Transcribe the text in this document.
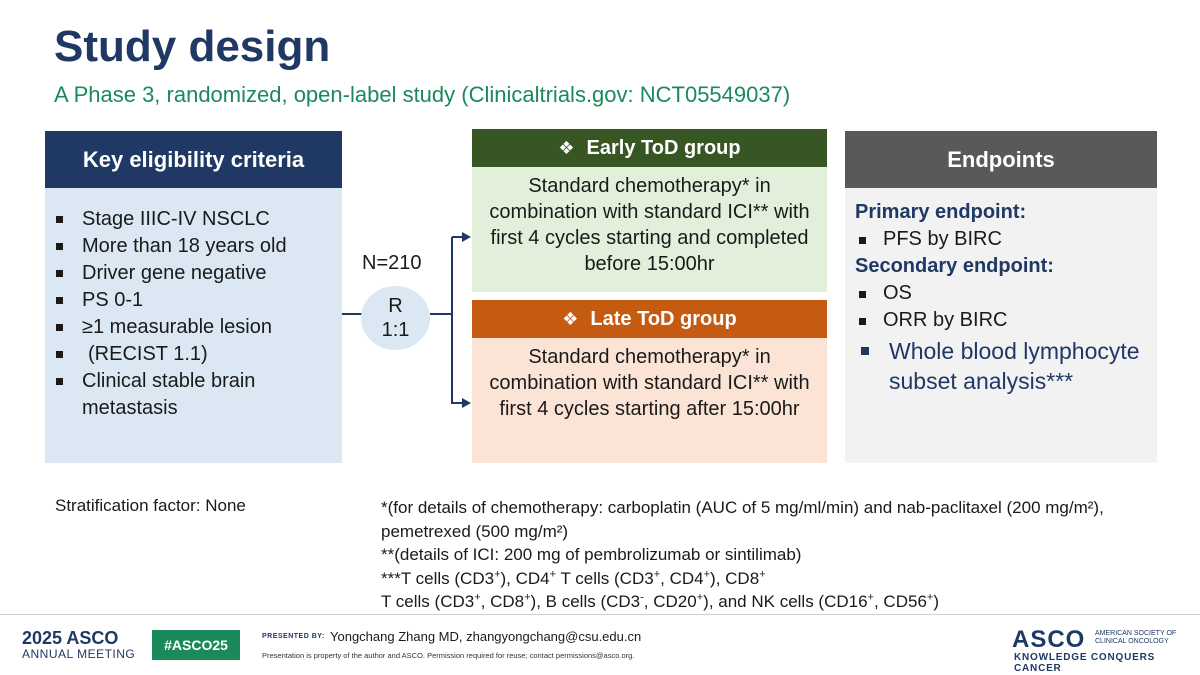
Study design
A Phase 3, randomized, open-label study (Clinicaltrials.gov: NCT05549037)
Key eligibility criteria
Stage IIIC-IV NSCLC
More than 18 years old
Driver gene negative
PS 0-1
≥1 measurable lesion
(RECIST 1.1)
Clinical stable brain metastasis
N=210
R
1:1
❖ Early ToD group
Standard chemotherapy* in combination with standard ICI** with first 4 cycles starting and completed before 15:00hr
❖ Late ToD group
Standard chemotherapy* in combination with standard ICI** with first 4 cycles starting after 15:00hr
Endpoints
Primary endpoint:
PFS by BIRC
Secondary endpoint:
OS
ORR by BIRC
Whole blood lymphocyte subset analysis***
Stratification factor: None	*(for details of chemotherapy: carboplatin (AUC of 5 mg/ml/min) and nab-paclitaxel (200 mg/m²), pemetrexed (500 mg/m²)
**(details of ICI: 200 mg of pembrolizumab or sintilimab)
***T cells (CD3+), CD4+ T cells (CD3+, CD4+), CD8+
T cells (CD3+, CD8+), B cells (CD3-, CD20+), and NK cells (CD16+, CD56+)
2025 ASCO
ANNUAL MEETING
#ASCO25
PRESENTED BY: Yongchang Zhang MD, zhangyongchang@csu.edu.cn
Presentation is property of the author and ASCO. Permission required for reuse; contact permissions@asco.org.
ASCO AMERICAN SOCIETY OF CLINICAL ONCOLOGY
KNOWLEDGE CONQUERS CANCER
